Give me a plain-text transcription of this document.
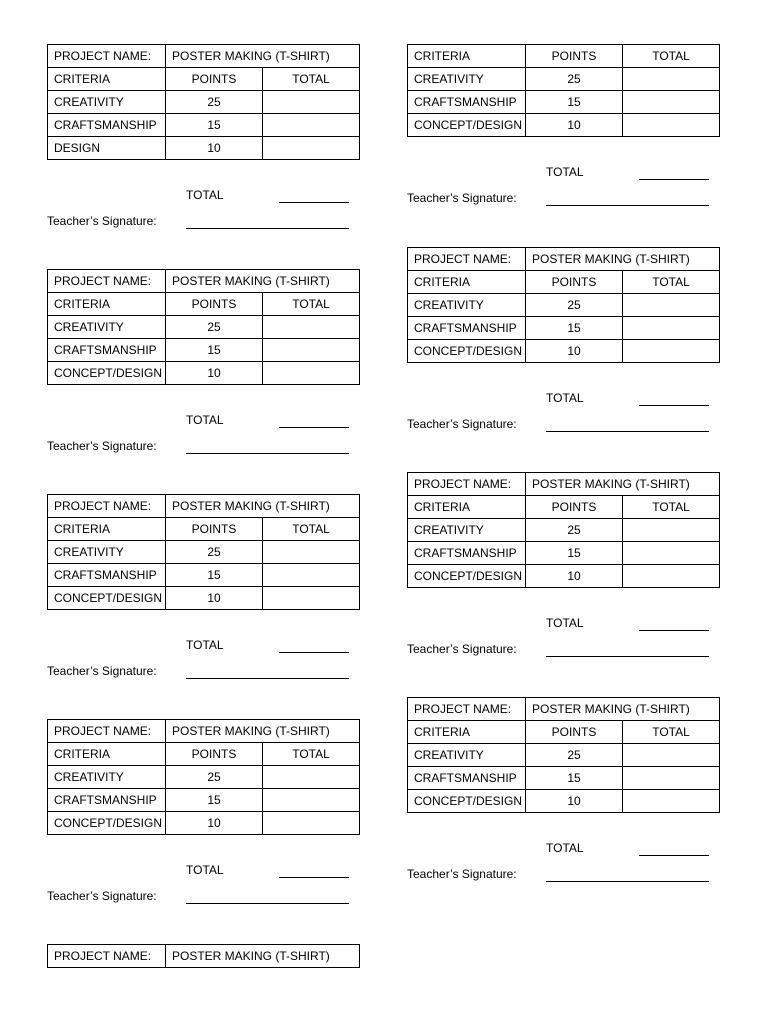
PROJECT NAME:	POSTER MAKING (T-SHIRT)	
CRITERIA	POINTS	TOTAL
CREATIVITY	25	
CRAFTSMANSHIP	15	
DESIGN	10	
TOTAL
Teacher’s Signature:
PROJECT NAME:	POSTER MAKING (T-SHIRT)	
CRITERIA	POINTS	TOTAL
CREATIVITY	25	
CRAFTSMANSHIP	15	
CONCEPT/DESIGN	10	
TOTAL
Teacher’s Signature:
PROJECT NAME:	POSTER MAKING (T-SHIRT)	
CRITERIA	POINTS	TOTAL
CREATIVITY	25	
CRAFTSMANSHIP	15	
CONCEPT/DESIGN	10	
TOTAL
Teacher’s Signature:
PROJECT NAME:	POSTER MAKING (T-SHIRT)	
CRITERIA	POINTS	TOTAL
CREATIVITY	25	
CRAFTSMANSHIP	15	
CONCEPT/DESIGN	10	
TOTAL
Teacher’s Signature:
PROJECT NAME:	POSTER MAKING (T-SHIRT)
CRITERIA	POINTS	TOTAL
CREATIVITY	25	
CRAFTSMANSHIP	15	
CONCEPT/DESIGN	10	
TOTAL
Teacher’s Signature:
PROJECT NAME:	POSTER MAKING (T-SHIRT)	
CRITERIA	POINTS	TOTAL
CREATIVITY	25	
CRAFTSMANSHIP	15	
CONCEPT/DESIGN	10	
TOTAL
Teacher’s Signature:
PROJECT NAME:	POSTER MAKING (T-SHIRT)	
CRITERIA	POINTS	TOTAL
CREATIVITY	25	
CRAFTSMANSHIP	15	
CONCEPT/DESIGN	10	
TOTAL
Teacher’s Signature:
PROJECT NAME:	POSTER MAKING (T-SHIRT)	
CRITERIA	POINTS	TOTAL
CREATIVITY	25	
CRAFTSMANSHIP	15	
CONCEPT/DESIGN	10	
TOTAL
Teacher’s Signature:
